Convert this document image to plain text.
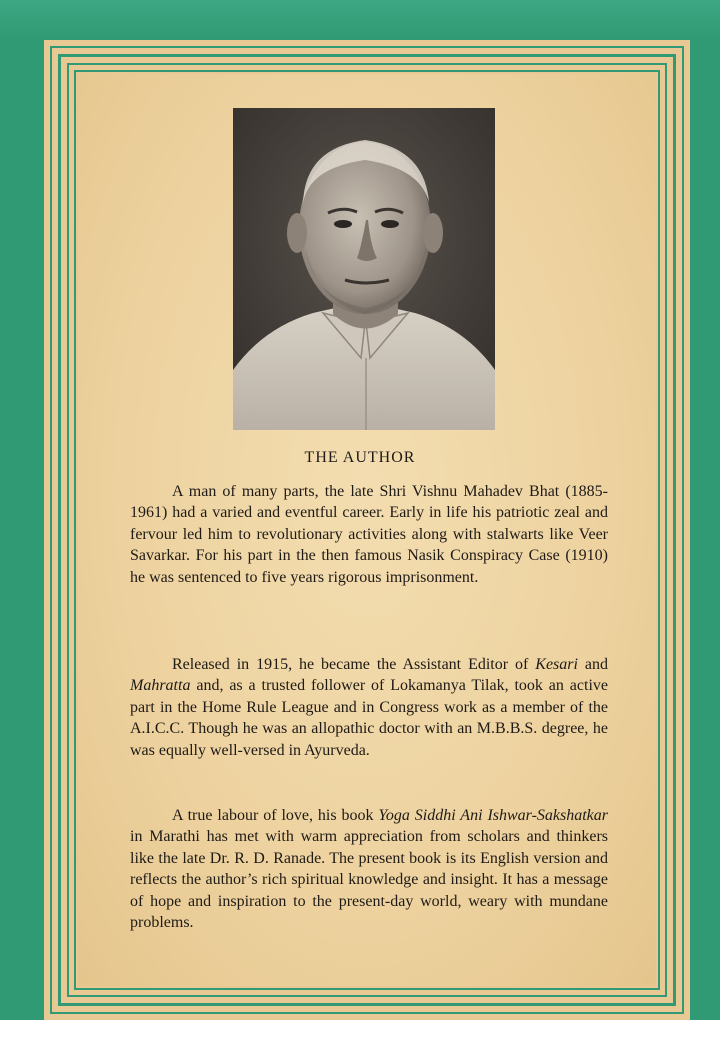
THE AUTHOR

A man of many parts, the late Shri Vishnu Mahadev Bhat (1885-1961) had a varied and eventful career. Early in life his patriotic zeal and fervour led him to revolutionary activities along with stalwarts like Veer Savarkar. For his part in the then famous Nasik Conspiracy Case (1910) he was sentenced to five years rigorous imprisonment.

Released in 1915, he became the Assistant Editor of Kesari and Mahratta and, as a trusted follower of Lokamanya Tilak, took an active part in the Home Rule League and in Congress work as a member of the A.I.C.C. Though he was an allopathic doctor with an M.B.B.S. degree, he was equally well-versed in Ayurveda.

A true labour of love, his book Yoga Siddhi Ani Ishwar-Sakshatkar in Marathi has met with warm appreciation from scholars and thinkers like the late Dr. R. D. Ranade. The present book is its English version and reflects the author’s rich spiritual knowledge and insight. It has a message of hope and inspiration to the present-day world, weary with mundane problems.
